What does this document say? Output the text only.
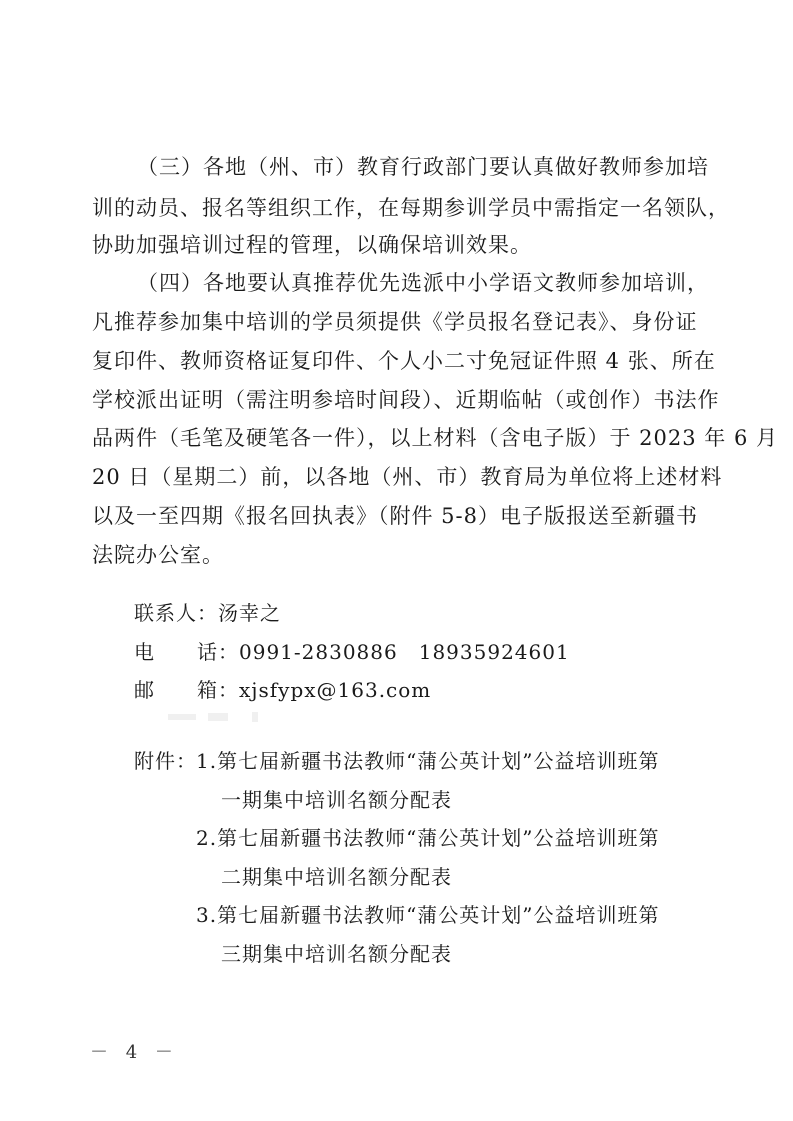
（三）各地（州、市）教育行政部门要认真做好教师参加培
训的动员、报名等组织工作，在每期参训学员中需指定一名领队，
协助加强培训过程的管理，以确保培训效果。
（四）各地要认真推荐优先选派中小学语文教师参加培训，
凡推荐参加集中培训的学员须提供《学员报名登记表》、身份证
复印件、教师资格证复印件、个人小二寸免冠证件照 4 张、所在
学校派出证明（需注明参培时间段）、近期临帖（或创作）书法作
品两件（毛笔及硬笔各一件），以上材料（含电子版）于 2023 年 6 月
20 日（星期二）前，以各地（州、市）教育局为单位将上述材料
以及一至四期《报名回执表》（附件 5-8）电子版报送至新疆书
法院办公室。
联系人：汤幸之
电　　话：0991-2830886　18935924601
邮　　箱：xjsfypx@163.com
附件： 1.第七届新疆书法教师“蒲公英计划”公益培训班第
一期集中培训名额分配表
2.第七届新疆书法教师“蒲公英计划”公益培训班第
二期集中培训名额分配表
3.第七届新疆书法教师“蒲公英计划”公益培训班第
三期集中培训名额分配表
－ 4 －
